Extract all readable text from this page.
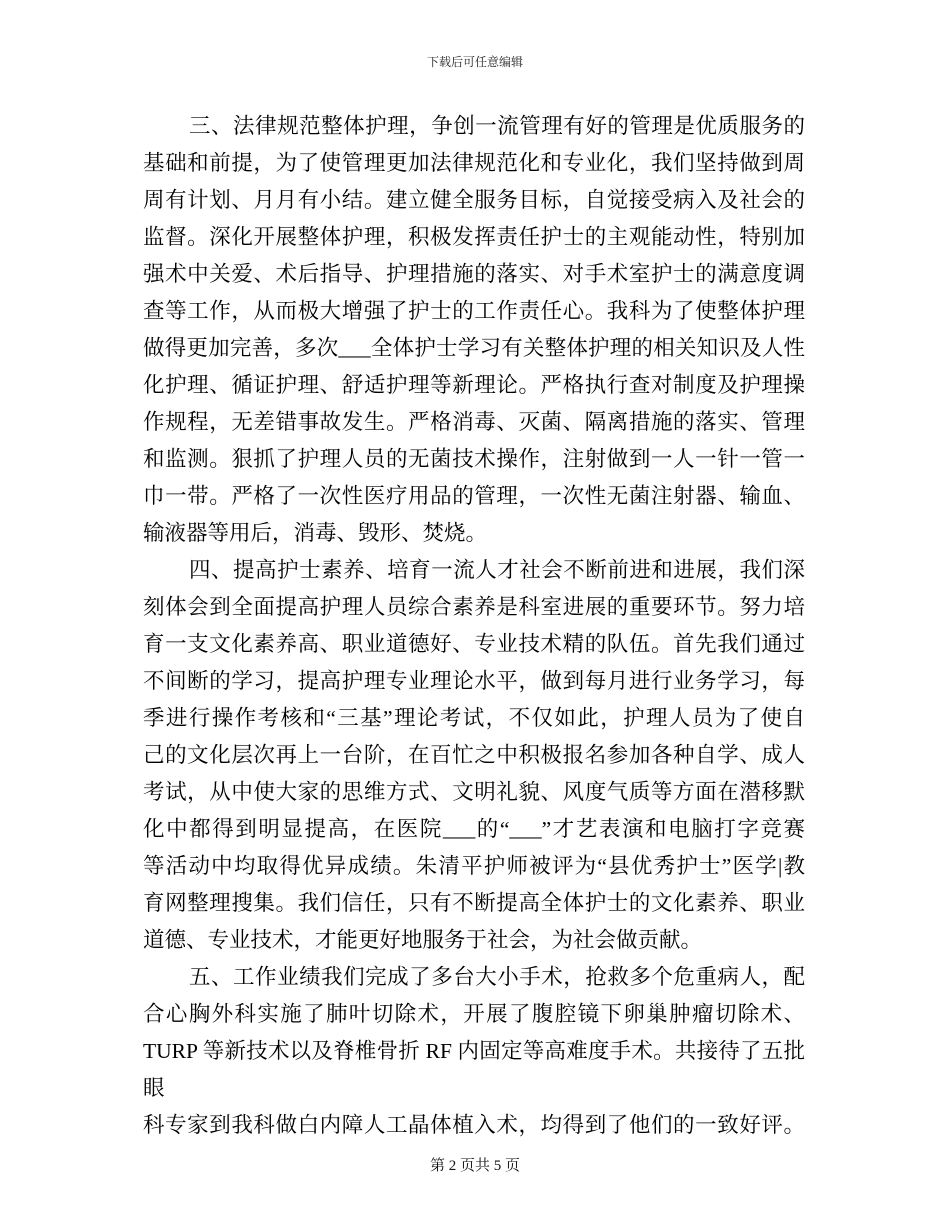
下载后可任意编辑
三、法律规范整体护理，争创一流管理有好的管理是优质服务的
基础和前提，为了使管理更加法律规范化和专业化，我们坚持做到周
周有计划、月月有小结。建立健全服务目标，自觉接受病入及社会的
监督。深化开展整体护理，积极发挥责任护士的主观能动性，特别加
强术中关爱、术后指导、护理措施的落实、对手术室护士的满意度调
查等工作，从而极大增强了护士的工作责任心。我科为了使整体护理
做得更加完善，多次___全体护士学习有关整体护理的相关知识及人性
化护理、循证护理、舒适护理等新理论。严格执行查对制度及护理操
作规程，无差错事故发生。严格消毒、灭菌、隔离措施的落实、管理
和监测。狠抓了护理人员的无菌技术操作，注射做到一人一针一管一
巾一带。严格了一次性医疗用品的管理，一次性无菌注射器、输血、
输液器等用后，消毒、毁形、焚烧。
四、提高护士素养、培育一流人才社会不断前进和进展，我们深
刻体会到全面提高护理人员综合素养是科室进展的重要环节。努力培
育一支文化素养高、职业道德好、专业技术精的队伍。首先我们通过
不间断的学习，提高护理专业理论水平，做到每月进行业务学习，每
季进行操作考核和“三基”理论考试，不仅如此，护理人员为了使自
己的文化层次再上一台阶，在百忙之中积极报名参加各种自学、成人
考试，从中使大家的思维方式、文明礼貌、风度气质等方面在潜移默
化中都得到明显提高，在医院___的“___”才艺表演和电脑打字竞赛
等活动中均取得优异成绩。朱清平护师被评为“县优秀护士”医学|教
育网整理搜集。我们信任，只有不断提高全体护士的文化素养、职业
道德、专业技术，才能更好地服务于社会，为社会做贡献。
五、工作业绩我们完成了多台大小手术，抢救多个危重病人，配
合心胸外科实施了肺叶切除术，开展了腹腔镜下卵巢肿瘤切除术、
TURP 等新技术以及脊椎骨折 RF 内固定等高难度手术。共接待了五批眼
科专家到我科做白内障人工晶体植入术，均得到了他们的一致好评。
第 2 页共 5 页
